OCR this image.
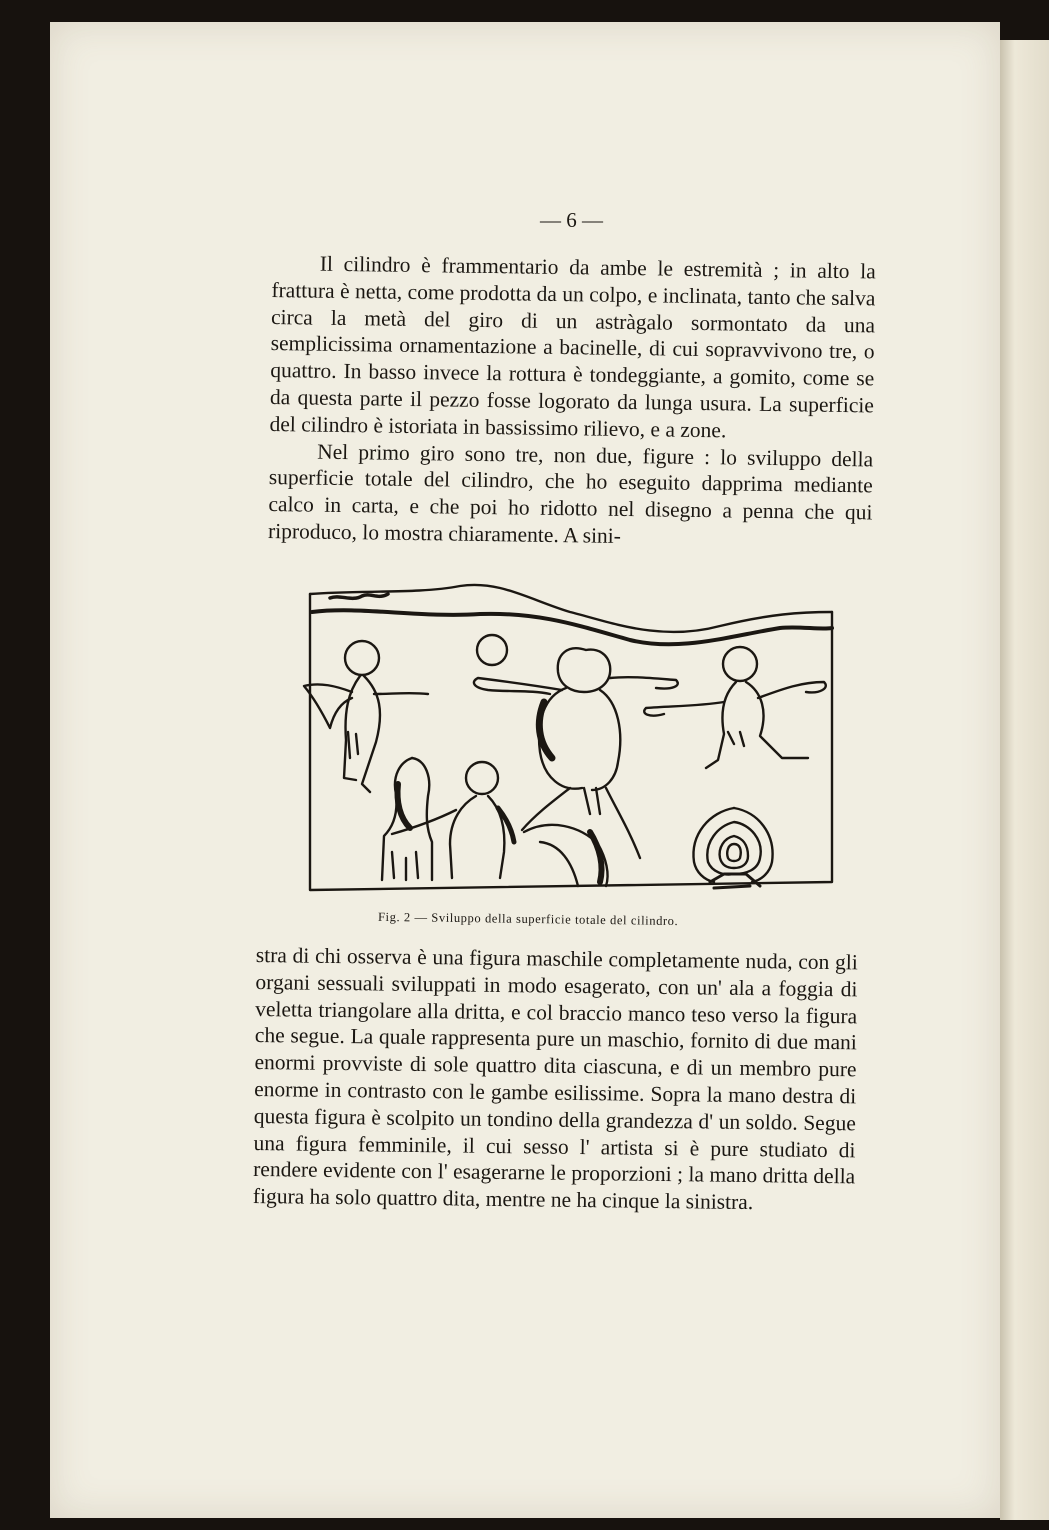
— 6 —

Il cilindro è frammentario da ambe le estremità ; in alto la frattura è netta, come prodotta da un colpo, e inclinata, tanto che salva circa la metà del giro di un astràgalo sormontato da una semplicissima ornamentazione a bacinelle, di cui sopravvivono tre, o quattro. In basso invece la rottura è tondeggiante, a gomito, come se da questa parte il pezzo fosse logorato da lunga usura. La superficie del cilindro è istoriata in bassissimo rilievo, e a zone.

Nel primo giro sono tre, non due, figure : lo sviluppo della superficie totale del cilindro, che ho eseguito dapprima mediante calco in carta, e che poi ho ridotto nel disegno a penna che qui riproduco, lo mostra chiaramente. A sini-

Fig. 2 — Sviluppo della superficie totale del cilindro.

stra di chi osserva è una figura maschile completamente nuda, con gli organi sessuali sviluppati in modo esagerato, con un' ala a foggia di veletta triangolare alla dritta, e col braccio manco teso verso la figura che segue. La quale rappresenta pure un maschio, fornito di due mani enormi provviste di sole quattro dita ciascuna, e di un membro pure enorme in contrasto con le gambe esilissime. Sopra la mano destra di questa figura è scolpito un tondino della grandezza d' un soldo. Segue una figura femminile, il cui sesso l' artista si è pure studiato di rendere evidente con l' esagerarne le proporzioni ; la mano dritta della figura ha solo quattro dita, mentre ne ha cinque la sinistra.
